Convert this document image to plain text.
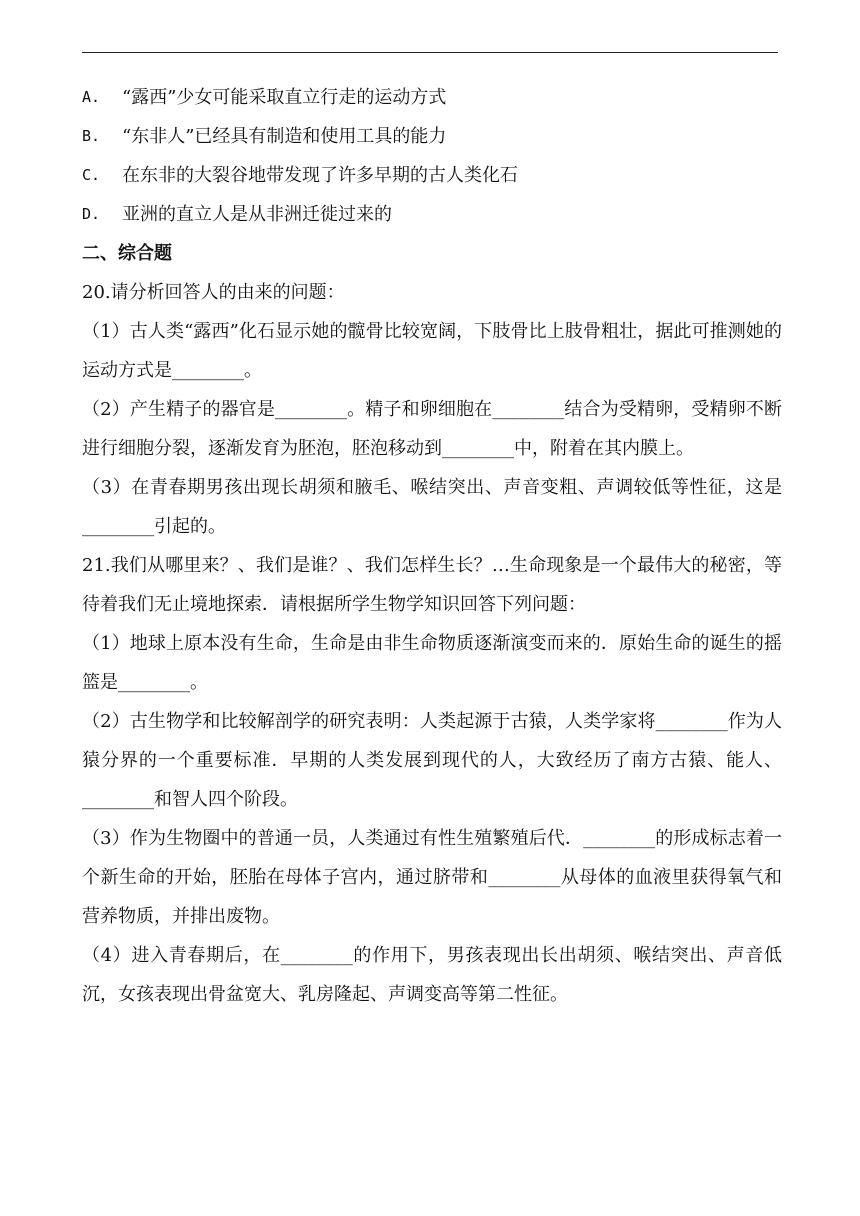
A.	“露西”少女可能采取直立行走的运动方式
B.	“东非人”已经具有制造和使用工具的能力
C.	在东非的大裂谷地带发现了许多早期的古人类化石
D.	亚洲的直立人是从非洲迁徙过来的
二、综合题
20.请分析回答人的由来的问题：
（1）古人类“露西”化石显示她的髋骨比较宽阔，下肢骨比上肢骨粗壮，据此可推测她的运动方式是________。
（2）产生精子的器官是________。精子和卵细胞在________结合为受精卵，受精卵不断进行细胞分裂，逐渐发育为胚泡，胚泡移动到________中，附着在其内膜上。
（3）在青春期男孩出现长胡须和腋毛、喉结突出、声音变粗、声调较低等性征，这是________引起的。
21.我们从哪里来？、我们是谁？、我们怎样生长？…生命现象是一个最伟大的秘密，等待着我们无止境地探索．请根据所学生物学知识回答下列问题：
（1）地球上原本没有生命，生命是由非生命物质逐渐演变而来的．原始生命的诞生的摇篮是________。
（2）古生物学和比较解剖学的研究表明：人类起源于古猿，人类学家将________作为人猿分界的一个重要标准．早期的人类发展到现代的人，大致经历了南方古猿、能人、________和智人四个阶段。
（3）作为生物圈中的普通一员，人类通过有性生殖繁殖后代．________的形成标志着一个新生命的开始，胚胎在母体子宫内，通过脐带和________从母体的血液里获得氧气和营养物质，并排出废物。
（4）进入青春期后，在________的作用下，男孩表现出长出胡须、喉结突出、声音低沉，女孩表现出骨盆宽大、乳房隆起、声调变高等第二性征。
